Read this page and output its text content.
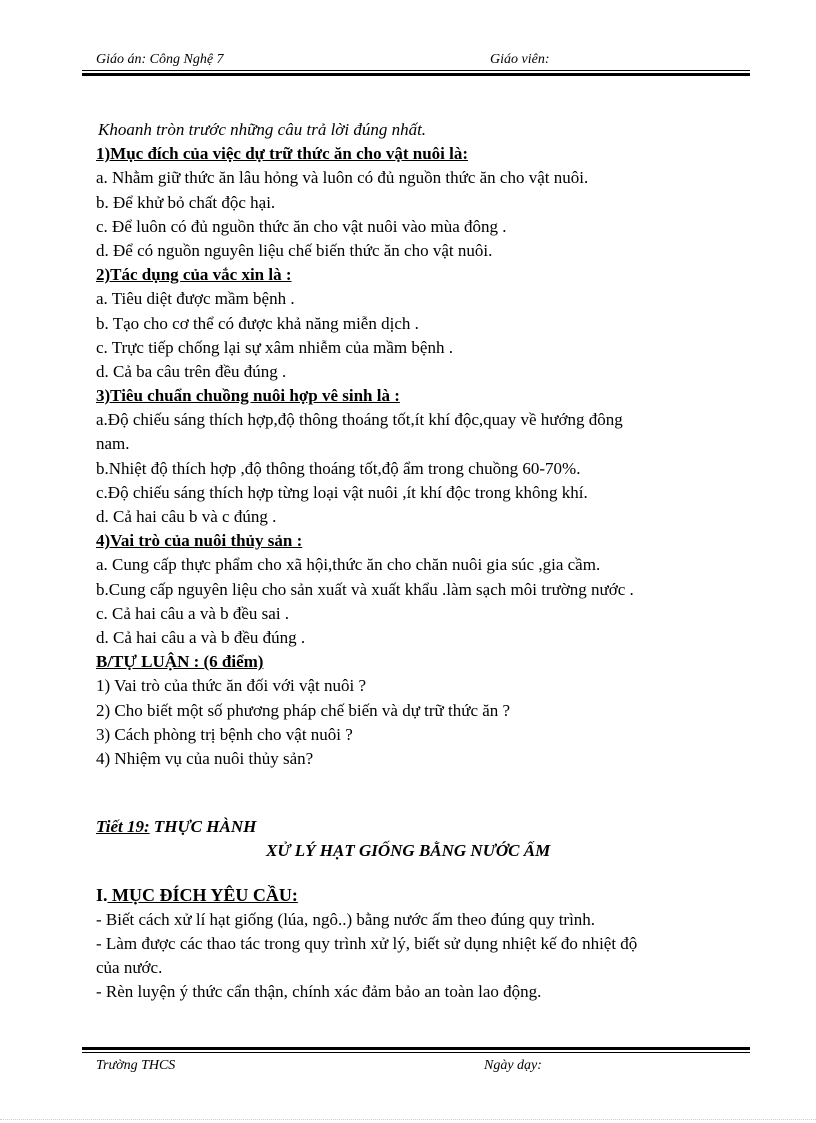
Giáo án: Công Nghệ 7	Giáo viên:
Khoanh tròn trước những câu trả lời đúng nhất.
1)Mục đích của việc dự trữ thức ăn cho vật nuôi là:
a. Nhằm giữ thức ăn lâu hỏng và luôn có đủ nguồn thức ăn cho vật nuôi.
b. Để khử bỏ chất độc hại.
c. Để luôn có đủ nguồn thức ăn cho vật nuôi vào mùa đông .
d. Để có nguồn nguyên liệu chế biến thức ăn cho vật nuôi.
2)Tác dụng của vắc xin là :
a. Tiêu diệt được mầm bệnh .
b. Tạo cho cơ thể có được khả năng miễn dịch .
c. Trực tiếp chống lại sự xâm nhiễm của mầm bệnh .
d. Cả ba câu trên đều đúng .
3)Tiêu chuẩn chuồng nuôi hợp vê sinh là :
a.Độ chiếu sáng thích hợp,độ thông thoáng tốt,ít khí độc,quay về hướng đông
nam.
b.Nhiệt độ thích hợp ,độ thông thoáng tốt,độ ẩm trong chuồng 60-70%.
c.Độ chiếu sáng thích hợp từng loại vật nuôi ,ít khí độc trong không khí.
d. Cả hai câu b và c đúng .
4)Vai trò của nuôi thủy sản :
a. Cung cấp thực phẩm cho xã hội,thức ăn cho chăn nuôi gia súc ,gia cầm.
b.Cung cấp nguyên liệu cho sản xuất và xuất khẩu .làm sạch môi trường nước .
c. Cả hai câu a và b đều sai .
d. Cả hai câu a và b đều đúng .
B/TỰ LUẬN : (6 điểm)
1) Vai trò của thức ăn đối với vật nuôi ?
2) Cho biết một số phương pháp chế biến và dự trữ thức ăn ?
3) Cách phòng trị bệnh cho vật nuôi ?
4) Nhiệm vụ của nuôi thủy sản?
Tiết 19: THỰC HÀNH
XỬ LÝ HẠT GIỐNG BẰNG NƯỚC ẤM
I. MỤC ĐÍCH YÊU CẦU:
- Biết cách xử lí hạt giống (lúa, ngô..) bằng nước ấm theo đúng quy trình.
- Làm được các thao tác trong quy trình xử lý, biết sử dụng nhiệt kế đo nhiệt độ
của nước.
- Rèn luyện ý thức cẩn thận, chính xác đảm bảo an toàn lao động.
Trường THCS	Ngày dạy:
